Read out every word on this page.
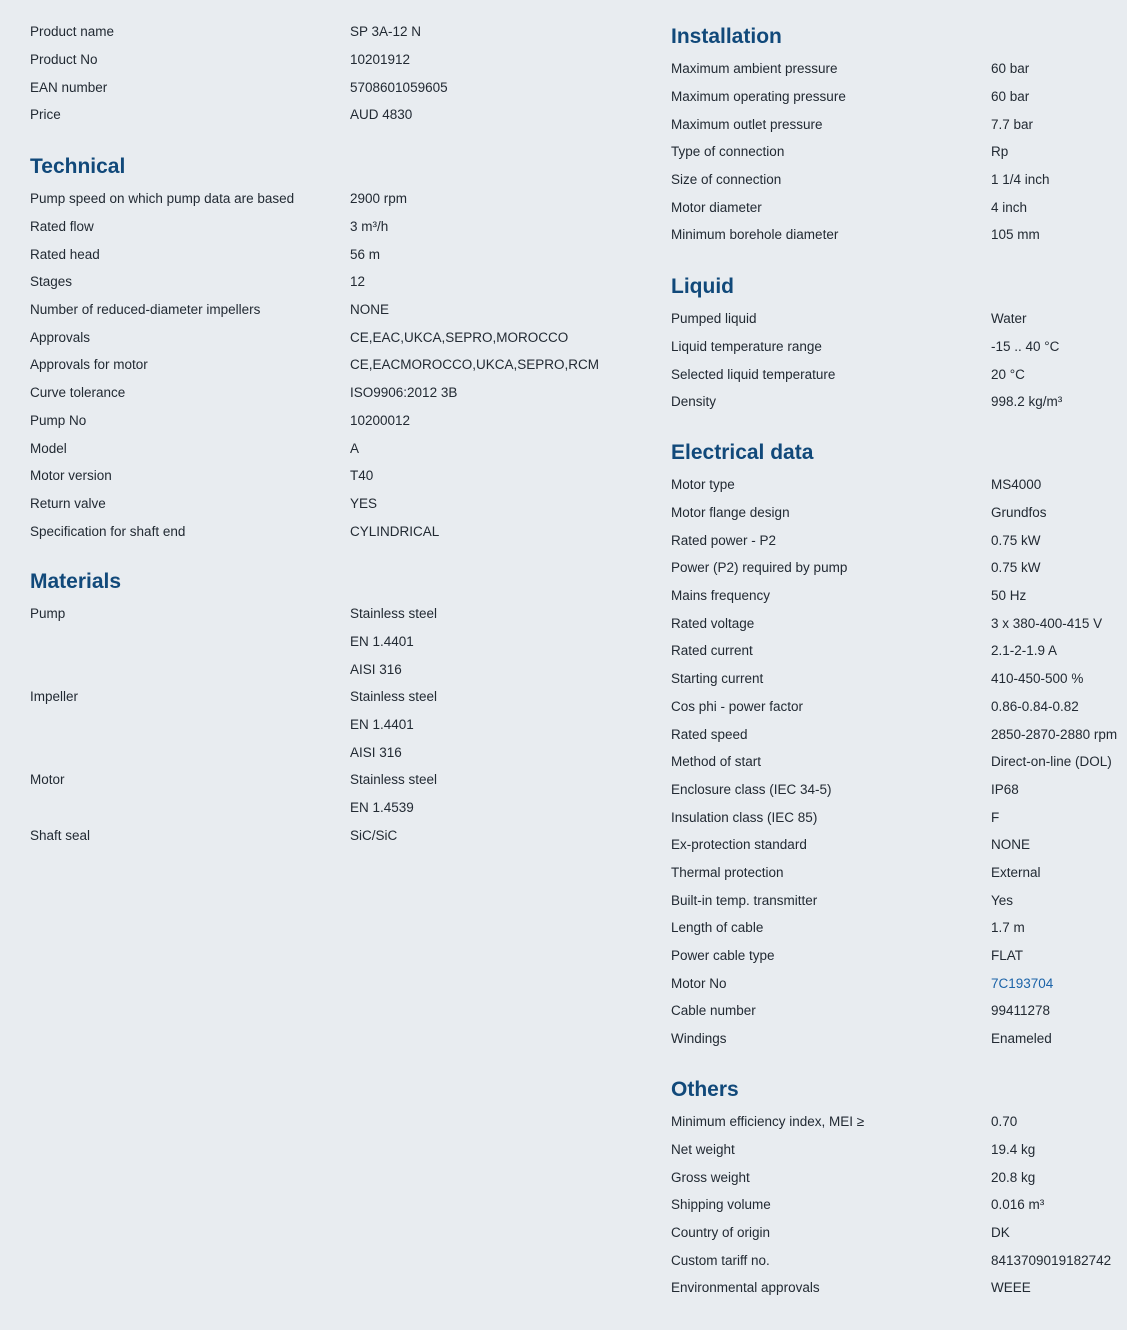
Product name	SP 3A-12 N
Product No	10201912
EAN number	5708601059605
Price	AUD 4830
Technical
Pump speed on which pump data are based	2900 rpm
Rated flow	3 m³/h
Rated head	56 m
Stages	12
Number of reduced-diameter impellers	NONE
Approvals	CE,EAC,UKCA,SEPRO,MOROCCO
Approvals for motor	CE,EACMOROCCO,UKCA,SEPRO,RCM
Curve tolerance	ISO9906:2012 3B
Pump No	10200012
Model	A
Motor version	T40
Return valve	YES
Specification for shaft end	CYLINDRICAL
Materials
Pump	Stainless steel
EN 1.4401
AISI 316
Impeller	Stainless steel
EN 1.4401
AISI 316
Motor	Stainless steel
EN 1.4539
Shaft seal	SiC/SiC
Installation
Maximum ambient pressure	60 bar
Maximum operating pressure	60 bar
Maximum outlet pressure	7.7 bar
Type of connection	Rp
Size of connection	1 1/4 inch
Motor diameter	4 inch
Minimum borehole diameter	105 mm
Liquid
Pumped liquid	Water
Liquid temperature range	-15 .. 40 °C
Selected liquid temperature	20 °C
Density	998.2 kg/m³
Electrical data
Motor type	MS4000
Motor flange design	Grundfos
Rated power - P2	0.75 kW
Power (P2) required by pump	0.75 kW
Mains frequency	50 Hz
Rated voltage	3 x 380-400-415 V
Rated current	2.1-2-1.9 A
Starting current	410-450-500 %
Cos phi - power factor	0.86-0.84-0.82
Rated speed	2850-2870-2880 rpm
Method of start	Direct-on-line (DOL)
Enclosure class (IEC 34-5)	IP68
Insulation class (IEC 85)	F
Ex-protection standard	NONE
Thermal protection	External
Built-in temp. transmitter	Yes
Length of cable	1.7 m
Power cable type	FLAT
Motor No	7C193704
Cable number	99411278
Windings	Enameled
Others
Minimum efficiency index, MEI ≥	0.70
Net weight	19.4 kg
Gross weight	20.8 kg
Shipping volume	0.016 m³
Country of origin	DK
Custom tariff no.	8413709019182742
Environmental approvals	WEEE
